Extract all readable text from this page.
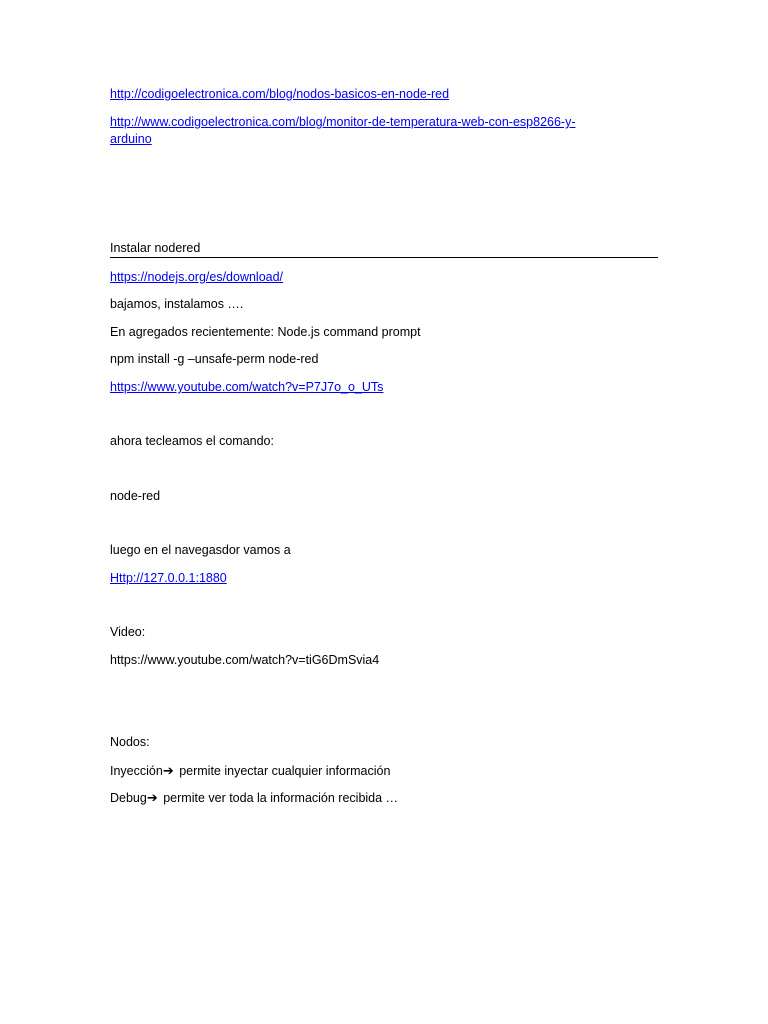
http://codigoelectronica.com/blog/nodos-basicos-en-node-red
http://www.codigoelectronica.com/blog/monitor-de-temperatura-web-con-esp8266-y-
arduino
Instalar nodered
https://nodejs.org/es/download/
bajamos, instalamos ….
En agregados recientemente: Node.js command prompt
npm install -g –unsafe-perm node-red
https://www.youtube.com/watch?v=P7J7o_o_UTs
ahora tecleamos el comando:
node-red
luego en el navegasdor vamos a
Http://127.0.0.1:1880
Video:
https://www.youtube.com/watch?v=tiG6DmSvia4
Nodos:
Inyección➔ permite inyectar cualquier información
Debug➔ permite ver toda la información recibida …
